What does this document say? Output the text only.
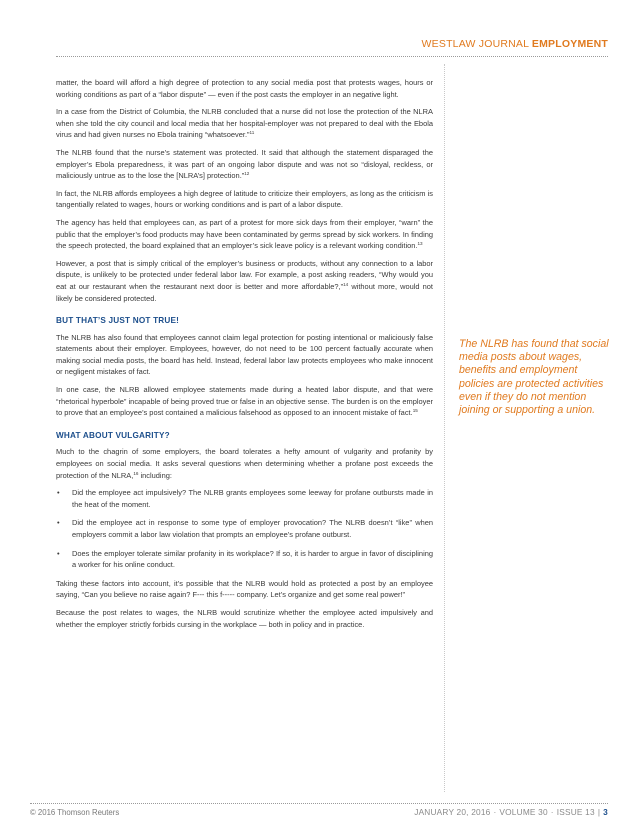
WESTLAW JOURNAL EMPLOYMENT

matter, the board will afford a high degree of protection to any social media post that protests wages, hours or working conditions as part of a “labor dispute” — even if the post casts the employer in an negative light.

In a case from the District of Columbia, the NLRB concluded that a nurse did not lose the protection of the NLRA when she told the city council and local media that her hospital-employer was not prepared to deal with the Ebola virus and had given nurses no Ebola training “whatsoever.”$^{11}$

The NLRB found that the nurse’s statement was protected. It said that although the statement disparaged the employer’s Ebola preparedness, it was part of an ongoing labor dispute and was not so “disloyal, reckless, or maliciously untrue as to the lose the [NLRA’s] protection.”$^{12}$

In fact, the NLRB affords employees a high degree of latitude to criticize their employers, as long as the criticism is tangentially related to wages, hours or working conditions and is part of a labor dispute.

The agency has held that employees can, as part of a protest for more sick days from their employer, “warn” the public that the employer’s food products may have been contaminated by germs spread by sick workers. In finding the speech protected, the board explained that an employer’s sick leave policy is a relevant working condition.$^{13}$

However, a post that is simply critical of the employer’s business or products, without any connection to a labor dispute, is unlikely to be protected under federal labor law. For example, a post asking readers, “Why would you eat at our restaurant when the restaurant next door is better and more affordable?,”$^{14}$ without more, would not likely be considered protected.

BUT THAT’S JUST NOT TRUE!

The NLRB has also found that employees cannot claim legal protection for posting intentional or maliciously false statements about their employer. Employees, however, do not need to be 100 percent factually accurate when making social media posts, the board has held. Instead, federal labor law protects employees who make innocent or negligent mistakes of fact.

In one case, the NLRB allowed employee statements made during a heated labor dispute, and that were “rhetorical hyperbole” incapable of being proved true or false in an objective sense. The burden is on the employer to prove that an employee’s post contained a malicious falsehood as opposed to an innocent mistake of fact.$^{15}$

WHAT ABOUT VULGARITY?

Much to the chagrin of some employers, the board tolerates a hefty amount of vulgarity and profanity by employees on social media. It asks several questions when determining whether a profane post exceeds the protection of the NLRA,$^{16}$ including:

• Did the employee act impulsively? The NLRB grants employees some leeway for profane outbursts made in the heat of the moment.
• Did the employee act in response to some type of employer provocation? The NLRB doesn’t “like” when employers commit a labor law violation that prompts an employee’s profane outburst.
• Does the employer tolerate similar profanity in its workplace? If so, it is harder to argue in favor of disciplining a worker for his online conduct.

Taking these factors into account, it’s possible that the NLRB would hold as protected a post by an employee saying, “Can you believe no raise again? F--- this f----- company. Let’s organize and get some real power!”

Because the post relates to wages, the NLRB would scrutinize whether the employee acted impulsively and whether the employer strictly forbids cursing in the workplace — both in policy and in practice.

The NLRB has found that social media posts about wages, benefits and employment policies are protected activities even if they do not mention joining or supporting a union.
© 2016 Thomson Reuters	JANUARY 20, 2016 · VOLUME 30 · ISSUE 13 | 3
